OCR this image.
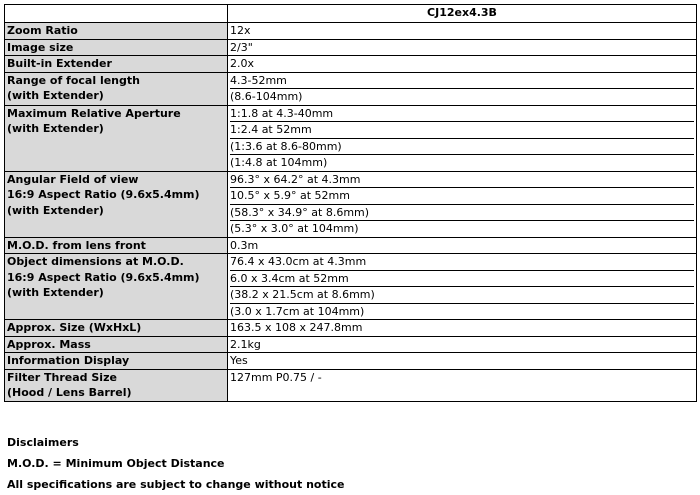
	CJ12ex4.3B

Zoom Ratio	12x

Image size	2/3"

Built-in Extender	2.0x

Range of focal length
(with Extender)	4.3-52mm
(8.6-104mm)

Maximum Relative Aperture
(with Extender)	1:1.8 at 4.3-40mm
1:2.4 at 52mm
(1:3.6 at 8.6-80mm)
(1:4.8 at 104mm)

Angular Field of view
16:9 Aspect Ratio (9.6x5.4mm)
(with Extender)	96.3° x 64.2° at 4.3mm
10.5° x 5.9° at 52mm
(58.3° x 34.9° at 8.6mm)
(5.3° x 3.0° at 104mm)

M.O.D. from lens front	0.3m

Object dimensions at M.O.D.
16:9 Aspect Ratio (9.6x5.4mm)
(with Extender)	76.4 x 43.0cm at 4.3mm
6.0 x 3.4cm at 52mm
(38.2 x 21.5cm at 8.6mm)
(3.0 x 1.7cm at 104mm)

Approx. Size (WxHxL)	163.5 x 108 x 247.8mm

Approx. Mass	2.1kg

Information Display	Yes

Filter Thread Size
(Hood / Lens Barrel)	127mm P0.75 / -
Disclaimers
M.O.D. = Minimum Object Distance
All specifications are subject to change without notice
